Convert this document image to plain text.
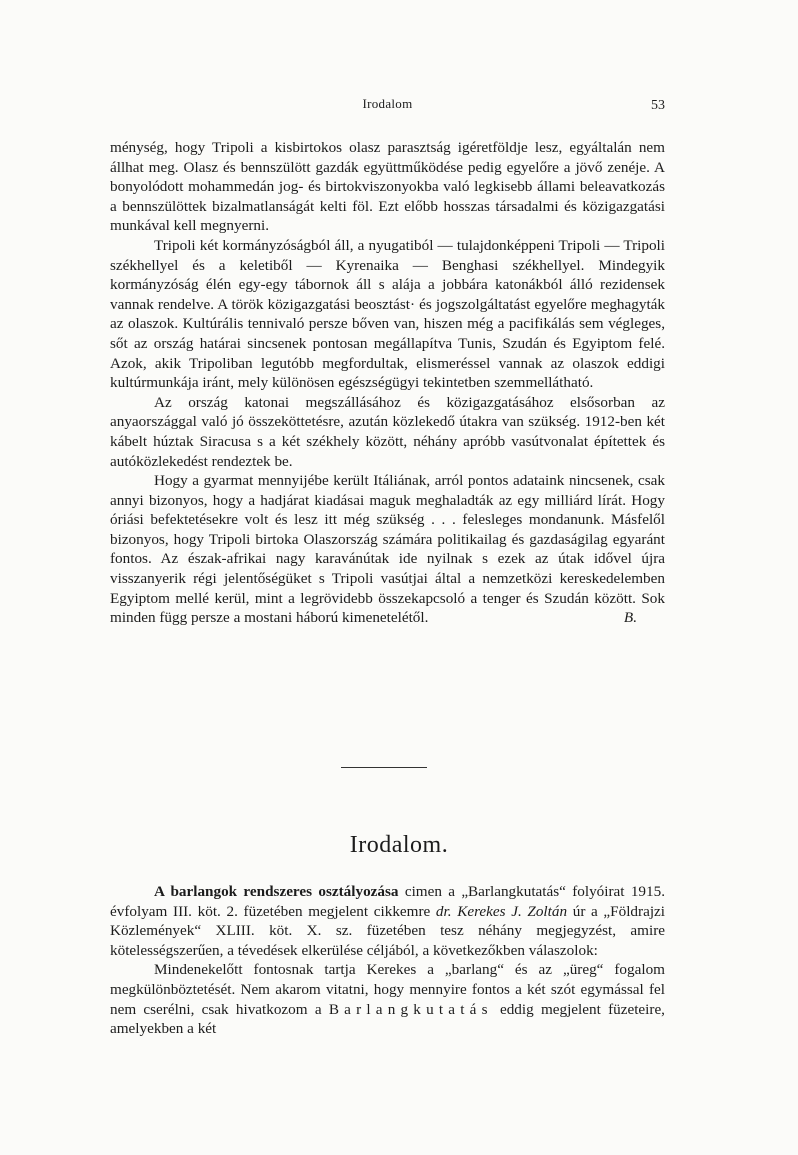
Irodalom	53

ménység, hogy Tripoli a kisbirtokos olasz parasztság igéretföldje lesz, egyáltalán nem állhat meg. Olasz és bennszülött gazdák együttműködése pedig egyelőre a jövő zenéje. A bonyolódott mohammedán jog- és birtokviszonyokba való legkisebb állami beleavatkozás a bennszülöttek bizalmatlanságát kelti föl. Ezt előbb hosszas társadalmi és közigazgatási munkával kell megnyerni.

Tripoli két kormányzóságból áll, a nyugatiból — tulajdonképpeni Tripoli — Tripoli székhellyel és a keletiből — Kyrenaika — Benghasi székhellyel. Mindegyik kormányzóság élén egy-egy tábornok áll s alája a jobbára katonákból álló rezidensek vannak rendelve. A török közigazgatási beosztást· és jogszolgáltatást egyelőre meghagyták az olaszok. Kultúrális tennivaló persze bőven van, hiszen még a pacifikálás sem végleges, sőt az ország határai sincsenek pontosan megállapítva Tunis, Szudán és Egyiptom felé. Azok, akik Tripoliban legutóbb megfordultak, elismeréssel vannak az olaszok eddigi kultúrmunkája iránt, mely különösen egészségügyi tekintetben szemmellátható.

Az ország katonai megszállásához és közigazgatásához elsősorban az anyaországgal való jó összeköttetésre, azután közlekedő útakra van szükség. 1912-ben két kábelt húztak Siracusa s a két székhely között, néhány apróbb vasútvonalat építettek és autóközlekedést rendeztek be.

Hogy a gyarmat mennyijébe került Itáliának, arról pontos adataink nincsenek, csak annyi bizonyos, hogy a hadjárat kiadásai maguk meghaladták az egy milliárd lírát. Hogy óriási befektetésekre volt és lesz itt még szükség . . . felesleges mondanunk. Másfelől bizonyos, hogy Tripoli birtoka Olaszország számára politikailag és gazdaságilag egyaránt fontos. Az észak-afrikai nagy karavánútak ide nyilnak s ezek az útak idővel újra visszanyerik régi jelentőségüket s Tripoli vasútjai által a nemzetközi kereskedelemben Egyiptom mellé kerül, mint a legrövidebb összekapcsoló a tenger és Szudán között. Sok minden függ persze a mostani háború kimenetelétől.	B.

Irodalom.

A barlangok rendszeres osztályozása cimen a „Barlangkutatás“ folyóirat 1915. évfolyam III. köt. 2. füzetében megjelent cikkemre dr. Kerekes J. Zoltán úr a „Földrajzi Közlemények“ XLIII. köt. X. sz. füzetében tesz néhány megjegyzést, amire kötelességszerűen, a tévedések elkerülése céljából, a következőkben válaszolok:

Mindenekelőtt fontosnak tartja Kerekes a „barlang“ és az „üreg“ fogalom megkülönböztetését. Nem akarom vitatni, hogy mennyire fontos a két szót egymással fel nem cserélni, csak hivatkozom a Barlangkutatás eddig megjelent füzeteire, amelyekben a két
